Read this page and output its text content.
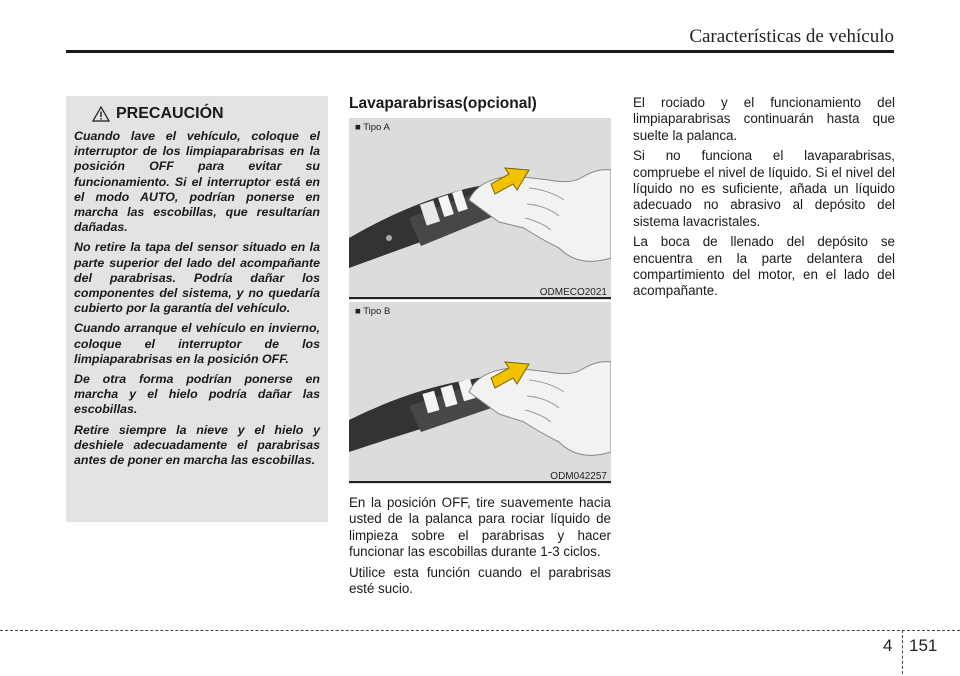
Características de vehículo
PRECAUCIÓN

Cuando lave el vehículo, coloque el interruptor de los limpiaparabrisas en la posición OFF para evitar su funcionamiento. Si el interruptor está en el modo AUTO, podrían ponerse en marcha las escobillas, que resultarían dañadas.

No retire la tapa del sensor situado en la parte superior del lado del acompañante del parabrisas. Podría dañar los componentes del sistema, y no quedaría cubierto por la garantía del vehículo.

Cuando arranque el vehículo en invierno, coloque el interruptor de los limpiaparabrisas en la posición OFF.

De otra forma podrían ponerse en marcha y el hielo podría dañar las escobillas.

Retire siempre la nieve y el hielo y deshiele adecuadamente el parabrisas antes de poner en marcha las escobillas.

Lavaparabrisas(opcional)
■ Tipo A
ODMECO2021
■ Tipo B
ODM042257

En la posición OFF, tire suavemente hacia usted de la palanca para rociar líquido de limpieza sobre el parabrisas y hacer funcionar las escobillas durante 1-3 ciclos.

Utilice esta función cuando el parabrisas esté sucio.

El rociado y el funcionamiento del limpiaparabrisas continuarán hasta que suelte la palanca.

Si no funciona el lavaparabrisas, compruebe el nivel de líquido. Si el nivel del líquido no es suficiente, añada un líquido adecuado no abrasivo al depósito del sistema lavacristales.

La boca de llenado del depósito se encuentra en la parte delantera del compartimiento del motor, en el lado del acompañante.

4 151
